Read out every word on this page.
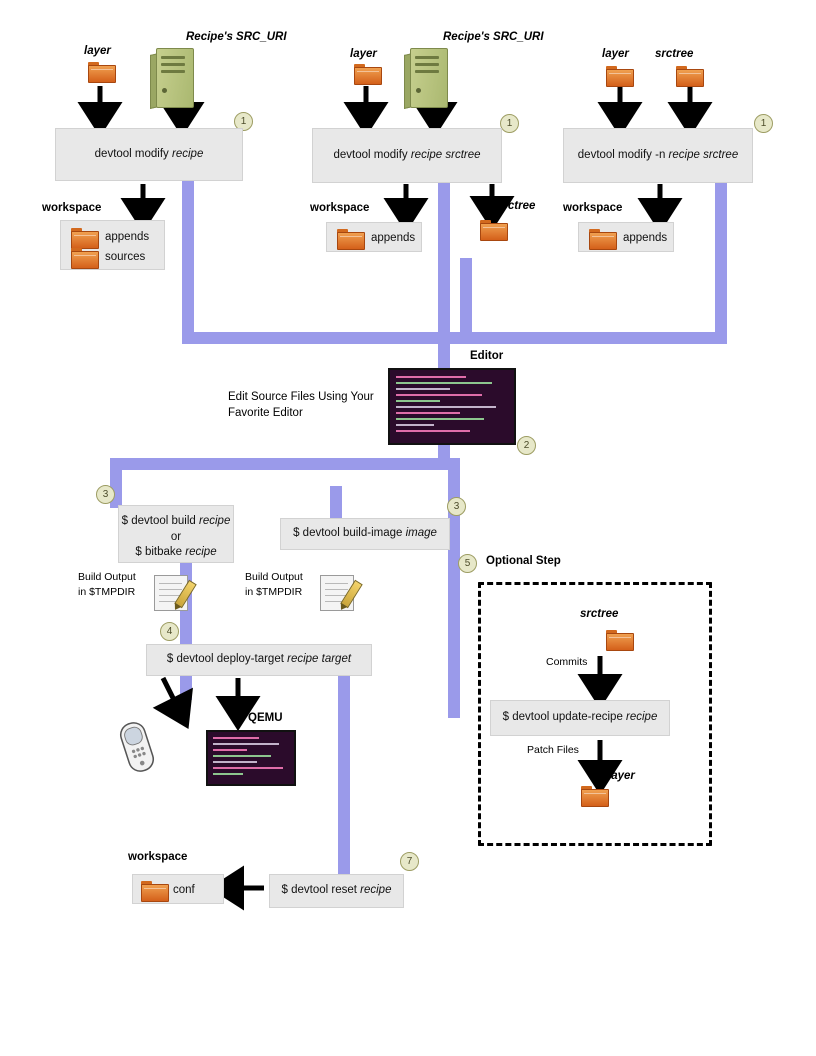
layer
Recipe's SRC_URI
1
devtool modify recipe
workspace
appends
sources
layer
Recipe's SRC_URI
1
devtool modify recipe srctree
workspace
appends
srctree
layer srctree
1
devtool modify -n recipe srctree
workspace
appends
Editor
Edit Source Files Using Your
Favorite Editor
2
3
$ devtool build recipe
or
$ bitbake recipe
3
$ devtool build-image image
Build Output
in $TMPDIR
Build Output
in $TMPDIR
4
$ devtool deploy-target recipe target
QEMU
5	Optional Step
srctree
Commits
$ devtool update-recipe recipe
Patch Files
layer
workspace
conf
7
$ devtool reset recipe
